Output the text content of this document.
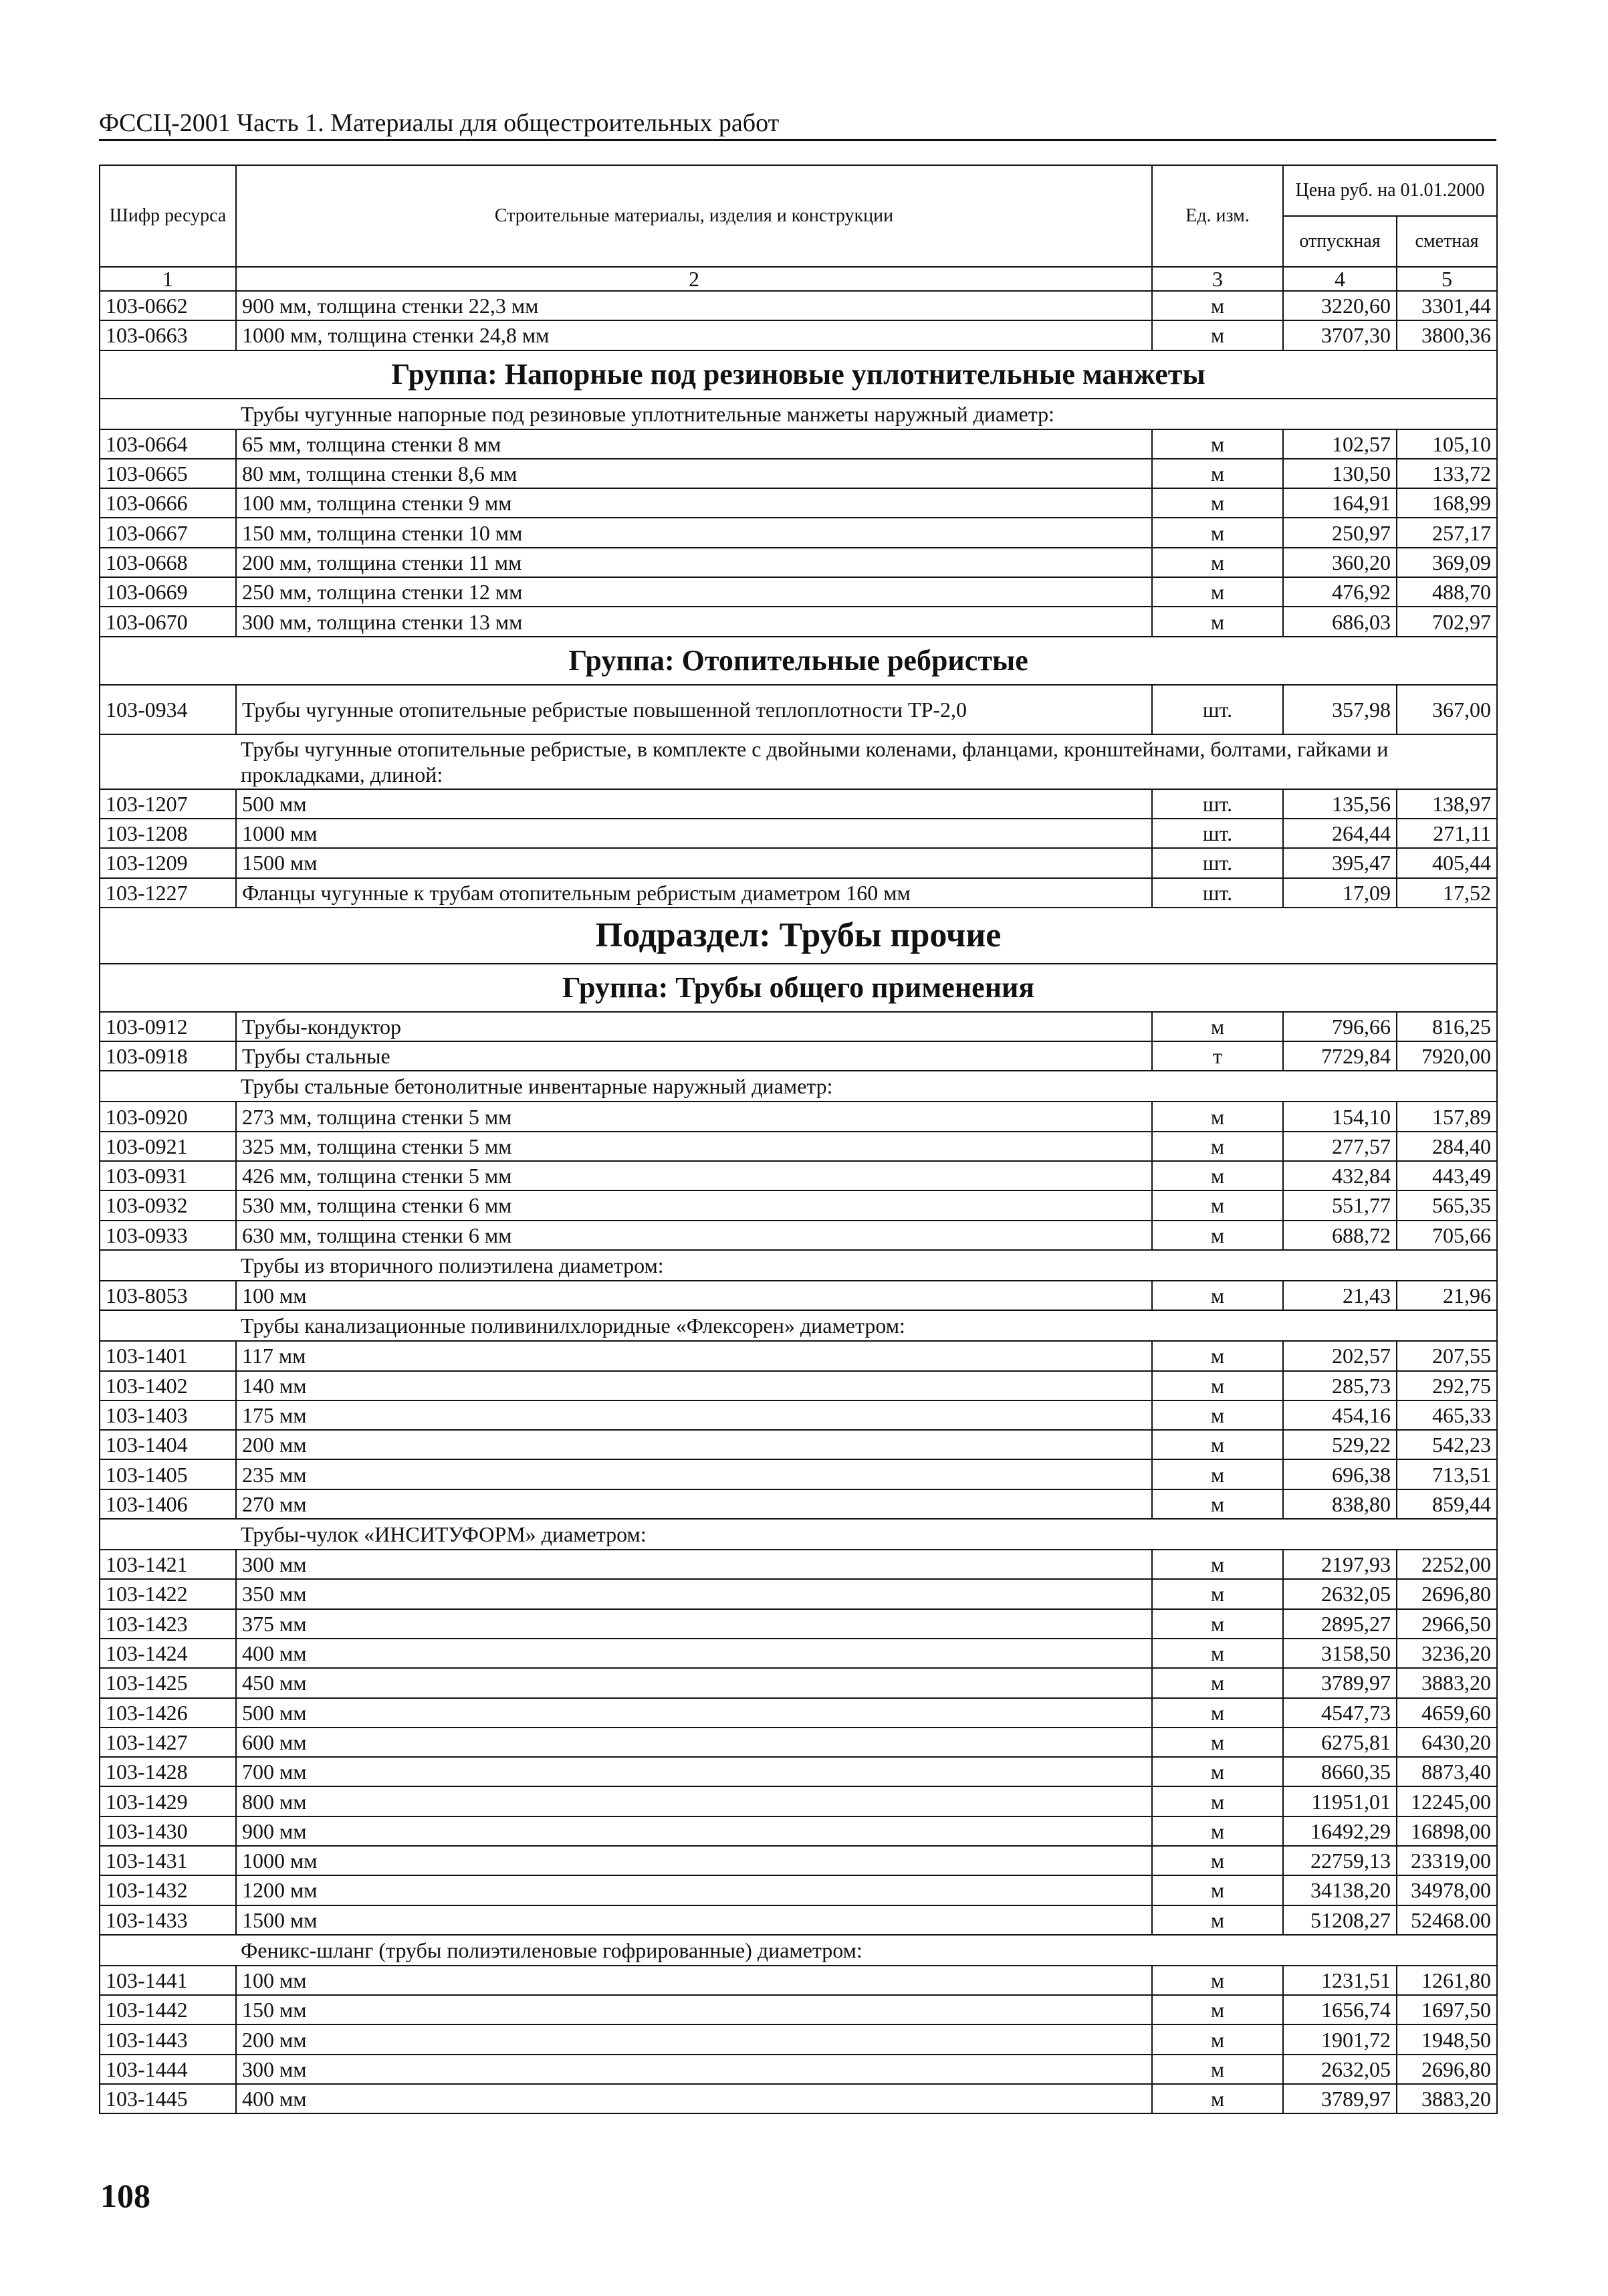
ФССЦ-2001 Часть 1. Материалы для общестроительных работ
Шифр ресурса	Строительные материалы, изделия и конструкции	Ед. изм.	Цена руб. на 01.01.2000	
			отпускная	сметная
1	2	3	4	5
103-0662	900 мм, толщина стенки 22,3 мм	м	3220,60	3301,44
103-0663	1000 мм, толщина стенки 24,8 мм	м	3707,30	3800,36
Группа: Напорные под резиновые уплотнительные манжеты				
Трубы чугунные напорные под резиновые уплотнительные манжеты наружный диаметр:				
103-0664	65 мм, толщина стенки 8 мм	м	102,57	105,10
103-0665	80 мм, толщина стенки 8,6 мм	м	130,50	133,72
103-0666	100 мм, толщина стенки 9 мм	м	164,91	168,99
103-0667	150 мм, толщина стенки 10 мм	м	250,97	257,17
103-0668	200 мм, толщина стенки 11 мм	м	360,20	369,09
103-0669	250 мм, толщина стенки 12 мм	м	476,92	488,70
103-0670	300 мм, толщина стенки 13 мм	м	686,03	702,97
Группа: Отопительные ребристые				
103-0934	Трубы чугунные отопительные ребристые повышенной теплоплотности ТР-2,0	шт.	357,98	367,00
Трубы чугунные отопительные ребристые, в комплекте с двойными коленами, фланцами, кронштейнами, болтами, гайками и прокладками, длиной:				
103-1207	500 мм	шт.	135,56	138,97
103-1208	1000 мм	шт.	264,44	271,11
103-1209	1500 мм	шт.	395,47	405,44
103-1227	Фланцы чугунные к трубам отопительным ребристым диаметром 160 мм	шт.	17,09	17,52
Подраздел: Трубы прочие				
Группа: Трубы общего применения				
103-0912	Трубы-кондуктор	м	796,66	816,25
103-0918	Трубы стальные	т	7729,84	7920,00
Трубы стальные бетонолитные инвентарные наружный диаметр:				
103-0920	273 мм, толщина стенки 5 мм	м	154,10	157,89
103-0921	325 мм, толщина стенки 5 мм	м	277,57	284,40
103-0931	426 мм, толщина стенки 5 мм	м	432,84	443,49
103-0932	530 мм, толщина стенки 6 мм	м	551,77	565,35
103-0933	630 мм, толщина стенки 6 мм	м	688,72	705,66
Трубы из вторичного полиэтилена диаметром:				
103-8053	100 мм	м	21,43	21,96
Трубы канализационные поливинилхлоридные «Флексорен» диаметром:				
103-1401	117 мм	м	202,57	207,55
103-1402	140 мм	м	285,73	292,75
103-1403	175 мм	м	454,16	465,33
103-1404	200 мм	м	529,22	542,23
103-1405	235 мм	м	696,38	713,51
103-1406	270 мм	м	838,80	859,44
Трубы-чулок «ИНСИТУФОРМ» диаметром:				
103-1421	300 мм	м	2197,93	2252,00
103-1422	350 мм	м	2632,05	2696,80
103-1423	375 мм	м	2895,27	2966,50
103-1424	400 мм	м	3158,50	3236,20
103-1425	450 мм	м	3789,97	3883,20
103-1426	500 мм	м	4547,73	4659,60
103-1427	600 мм	м	6275,81	6430,20
103-1428	700 мм	м	8660,35	8873,40
103-1429	800 мм	м	11951,01	12245,00
103-1430	900 мм	м	16492,29	16898,00
103-1431	1000 мм	м	22759,13	23319,00
103-1432	1200 мм	м	34138,20	34978,00
103-1433	1500 мм	м	51208,27	52468.00
Феникс-шланг (трубы полиэтиленовые гофрированные) диаметром:				
103-1441	100 мм	м	1231,51	1261,80
103-1442	150 мм	м	1656,74	1697,50
103-1443	200 мм	м	1901,72	1948,50
103-1444	300 мм	м	2632,05	2696,80
103-1445	400 мм	м	3789,97	3883,20
108
